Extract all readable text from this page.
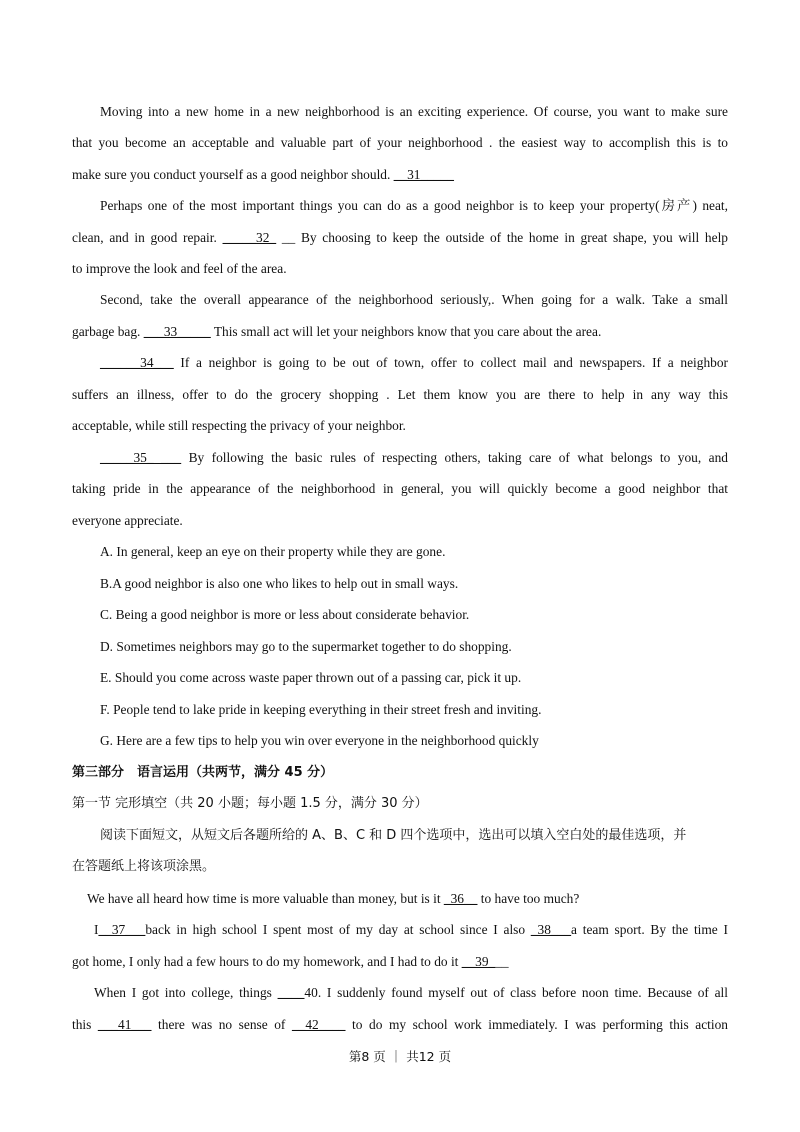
Moving into a new home in a new neighborhood is an exciting experience. Of course, you want to make sure
that you become an acceptable and valuable part of your neighborhood . the easiest way to accomplish this is to
make sure you conduct yourself as a good neighbor should. __31_____
Perhaps one of the most important things you can do as a good neighbor is to keep your property(房产) neat,
clean, and in good repair. _____32_ __ By choosing to keep the outside of the home in great shape, you will help
to improve the look and feel of the area.
Second, take the overall appearance of the neighborhood seriously,. When going for a walk. Take a small
garbage bag. ___33_____ This small act will let your neighbors know that you care about the area.
______34___ If a neighbor is going to be out of town, offer to collect mail and newspapers. If a neighbor
suffers an illness, offer to do the grocery shopping . Let them know you are there to help in any way this
acceptable, while still respecting the privacy of your neighbor.
_____35_ ___ By following the basic rules of respecting others, taking care of what belongs to you, and
taking pride in the appearance of the neighborhood in general, you will quickly become a good neighbor that
everyone appreciate.
A. In general, keep an eye on their property while they are gone.
B.A good neighbor is also one who likes to help out in small ways.
C. Being a good neighbor is more or less about considerate behavior.
D. Sometimes neighbors may go to the supermarket together to do shopping.
E. Should you come across waste paper thrown out of a passing car, pick it up.
F. People tend to lake pride in keeping everything in their street fresh and inviting.
G. Here are a few tips to help you win over everyone in the neighborhood quickly
第三部分　语言运用（共两节，满分 45 分）
第一节 完形填空（共 20 小题；每小题 1.5 分，满分 30 分）
阅读下面短文，从短文后各题所给的 A、B、C 和 D 四个选项中，选出可以填入空白处的最佳选项，并
在答题纸上将该项涂黑。
We have all heard how time is more valuable than money, but is it _36__ to have too much?
I__37___back in high school I spent most of my day at school since I also _38___a team sport. By the time I
got home, I only had a few hours to do my homework, and I had to do it __39___
When I got into college, things ____40. I suddenly found myself out of class before noon time. Because of all
this ___41___ there was no sense of __42____ to do my school work immediately. I was performing this action
第8 页 ｜ 共12 页
